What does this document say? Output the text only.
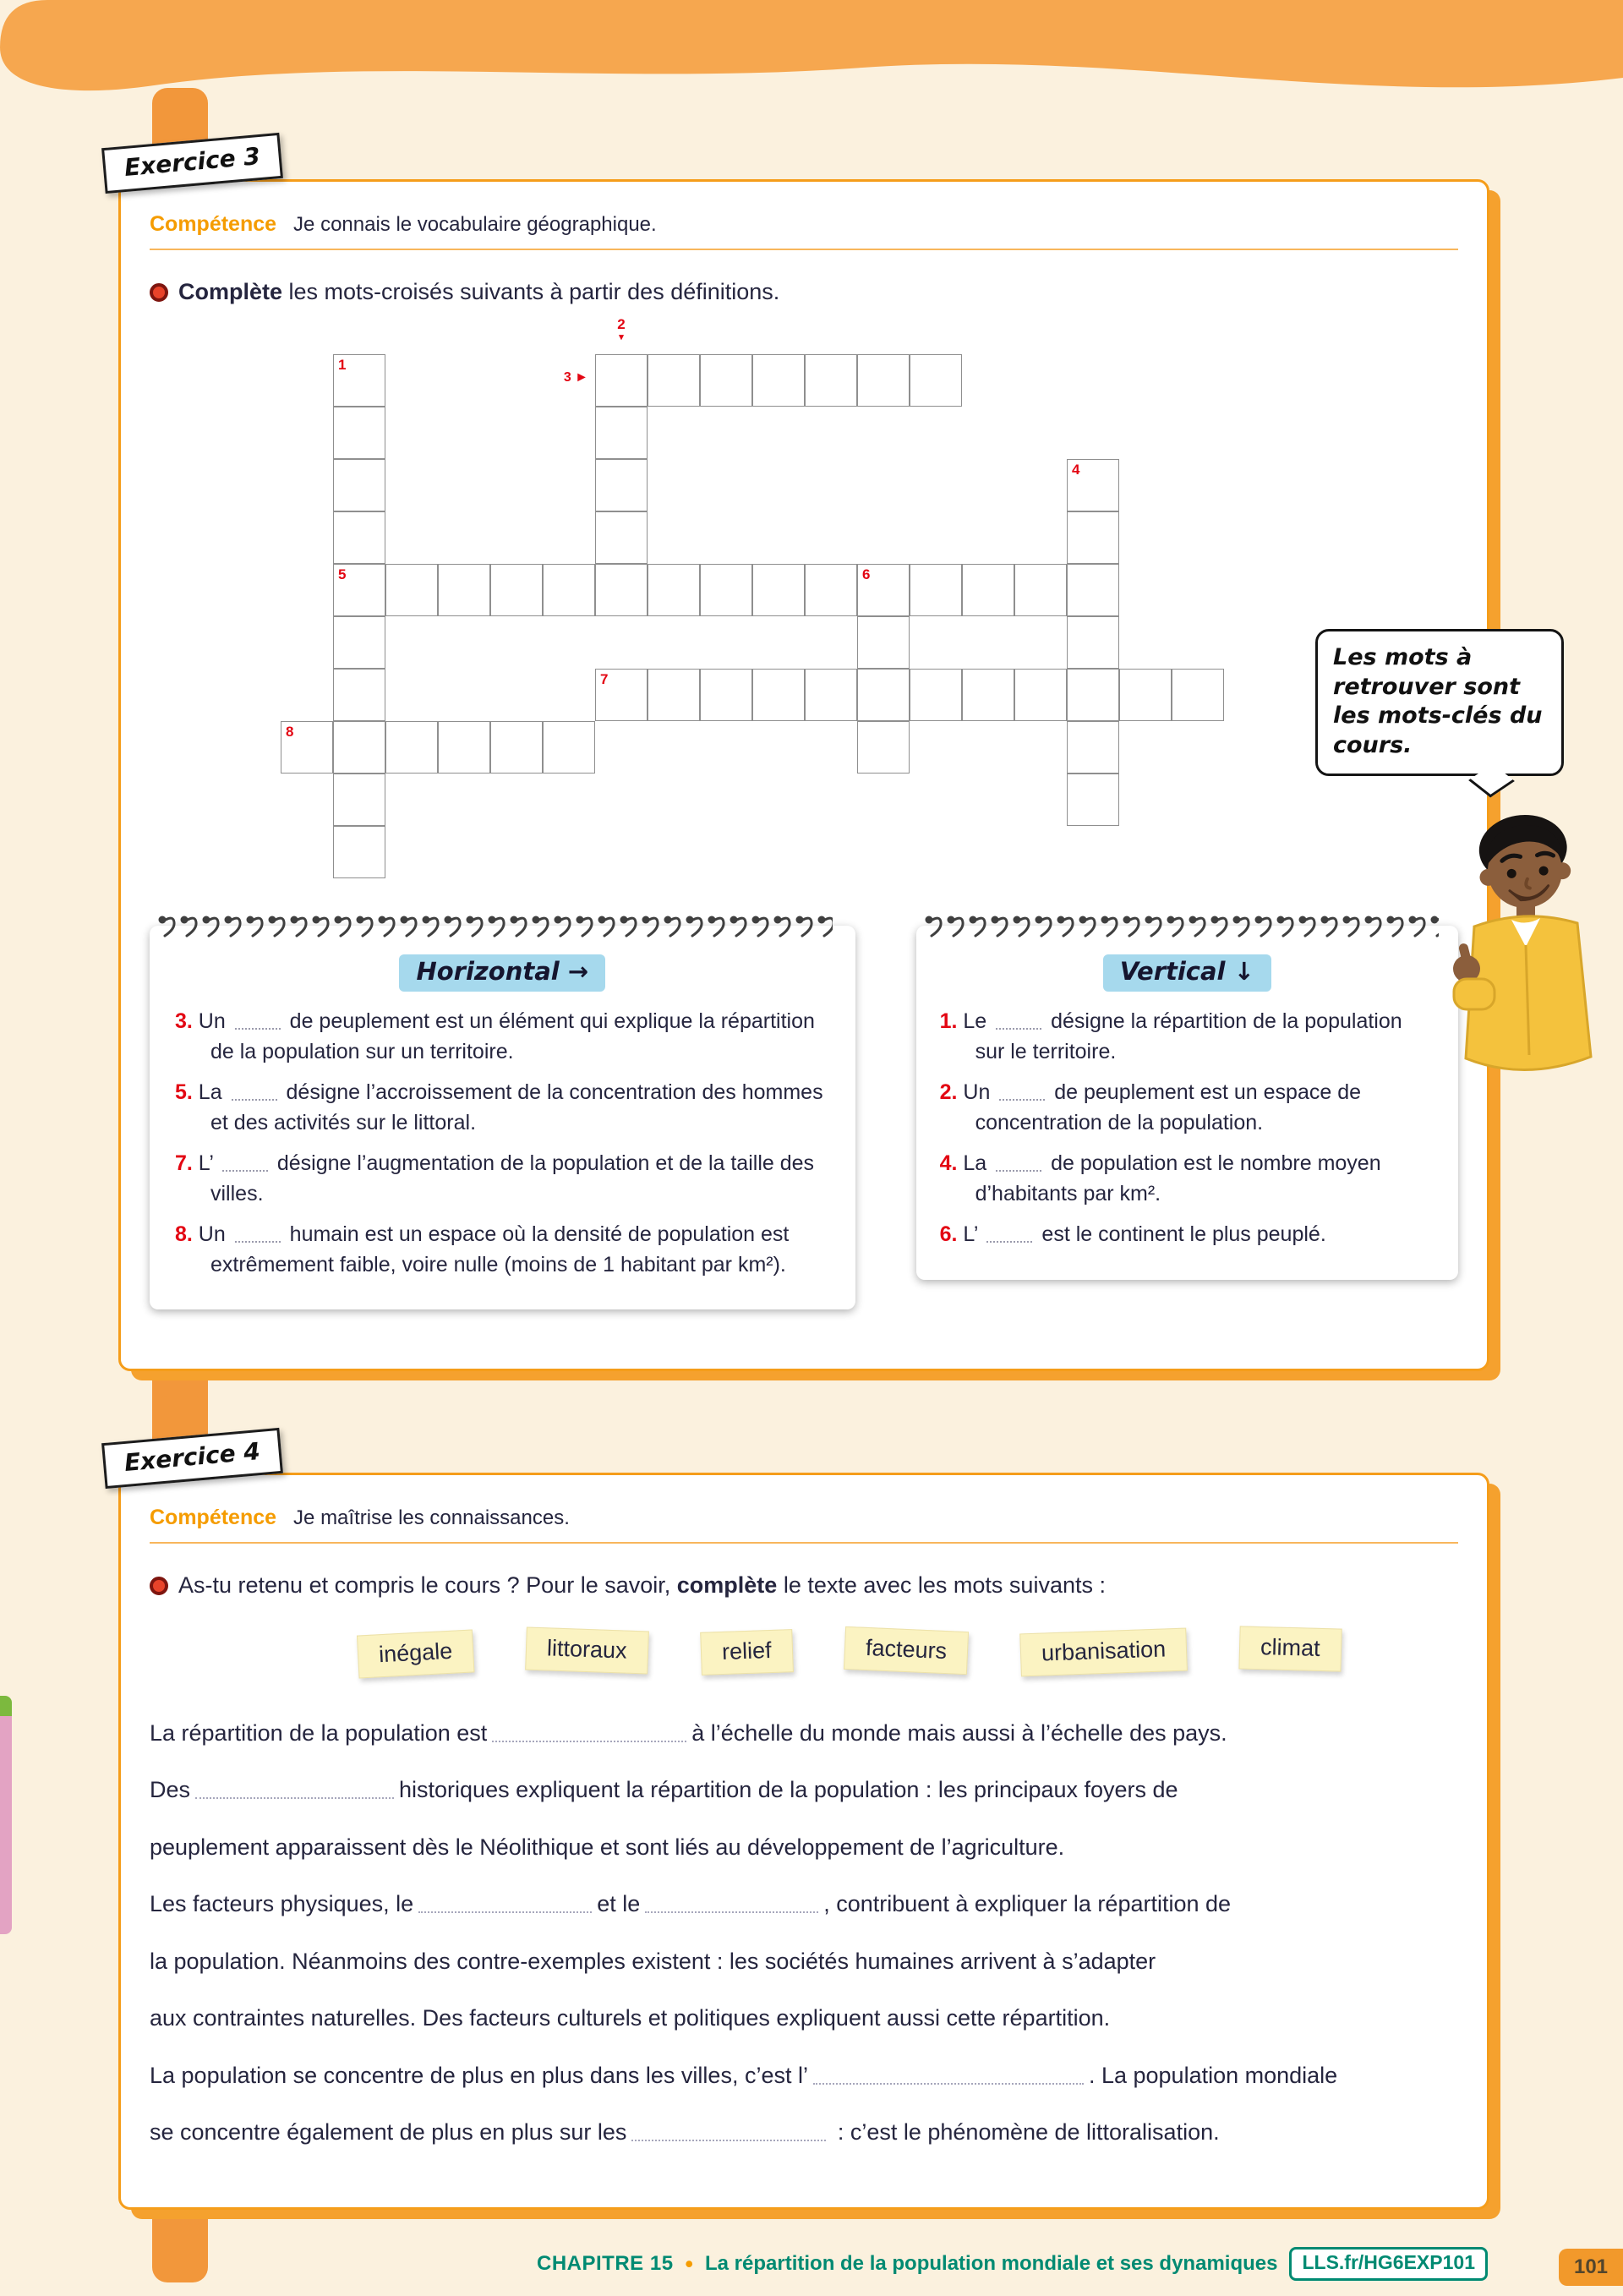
Exercice 3
Compétence Je connais le vocabulaire géographique.
Complète les mots-croisés suivants à partir des définitions.
1
2
▾
3 ►
4
5	6
7
8
Horizontal →
3. Un  de peuplement est un élément qui explique la répartition de la population sur un territoire.
5. La  désigne l’accroissement de la concentration des hommes et des activités sur le littoral.
7. L’  désigne l’augmentation de la population et de la taille des villes.
8. Un  humain est un espace où la densité de population est extrêmement faible, voire nulle (moins de 1 habitant par km²).
Vertical ↓
1. Le  désigne la répartition de la population sur le territoire.
2. Un  de peuplement est un espace de concentration de la population.
4. La  de population est le nombre moyen d’habitants par km².
6. L’  est le continent le plus peuplé.
Les mots à retrouver sont les mots-clés du cours.
Exercice 4
Compétence Je maîtrise les connaissances.
As-tu retenu et compris le cours ? Pour le savoir, complète le texte avec les mots suivants :
inégale	littoraux	relief	facteurs	urbanisation	climat
La répartition de la population est	à l’échelle du monde mais aussi à l’échelle des pays.
Des	historiques expliquent la répartition de la population : les principaux foyers de
peuplement apparaissent dès le Néolithique et sont liés au développement de l’agriculture.
Les facteurs physiques, le	et le	, contribuent à expliquer la répartition de
la population. Néanmoins des contre-exemples existent : les sociétés humaines arrivent à s’adapter
aux contraintes naturelles. Des facteurs culturels et politiques expliquent aussi cette répartition.
La population se concentre de plus en plus dans les villes, c’est l’	. La population mondiale
se concentre également de plus en plus sur les	: c’est le phénomène de littoralisation.
CHAPITRE 15 • La répartition de la population mondiale et ses dynamiques	LLS.fr/HG6EXP101	101
